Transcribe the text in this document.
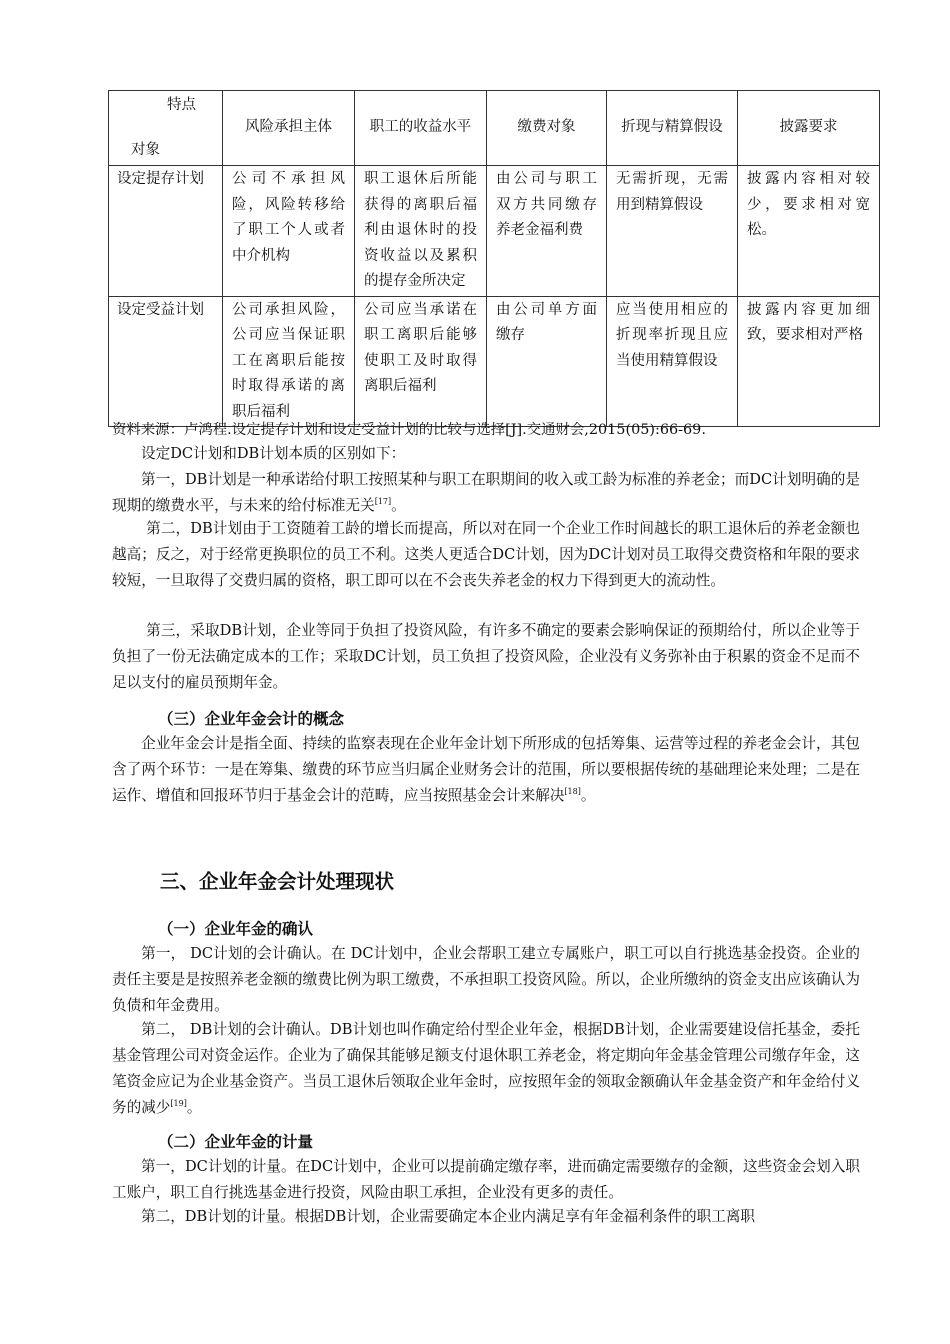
特点
对象	风险承担主体	职工的收益水平	缴费对象	折现与精算假设	披露要求
设定提存计划	公司不承担风险，风险转移给了职工个人或者中介机构	职工退休后所能获得的离职后福利由退休时的投资收益以及累积的提存金所决定	由公司与职工双方共同缴存养老金福利费	无需折现，无需用到精算假设	披露内容相对较少，要求相对宽松。
设定受益计划	公司承担风险，公司应当保证职工在离职后能按时取得承诺的离职后福利	公司应当承诺在职工离职后能够使职工及时取得离职后福利	由公司单方面缴存	应当使用相应的折现率折现且应当使用精算假设	披露内容更加细致，要求相对严格
资料来源：卢鸿程.设定提存计划和设定受益计划的比较与选择[J].交通财会,2015(05):66-69.

设定DC计划和DB计划本质的区别如下：

第一，DB计划是一种承诺给付职工按照某种与职工在职期间的收入或工龄为标准的养老金；而DC计划明确的是现期的缴费水平，与未来的给付标准无关[17]。

第二，DB计划由于工资随着工龄的增长而提高，所以对在同一个企业工作时间越长的职工退休后的养老金额也越高；反之，对于经常更换职位的员工不利。这类人更适合DC计划，因为DC计划对员工取得交费资格和年限的要求较短，一旦取得了交费归属的资格，职工即可以在不会丧失养老金的权力下得到更大的流动性。

第三，采取DB计划，企业等同于负担了投资风险，有许多不确定的要素会影响保证的预期给付，所以企业等于负担了一份无法确定成本的工作；采取DC计划，员工负担了投资风险，企业没有义务弥补由于积累的资金不足而不足以支付的雇员预期年金。

（三）企业年金会计的概念

企业年金会计是指全面、持续的监察表现在企业年金计划下所形成的包括筹集、运营等过程的养老金会计，其包含了两个环节：一是在筹集、缴费的环节应当归属企业财务会计的范围，所以要根据传统的基础理论来处理；二是在运作、增值和回报环节归于基金会计的范畴，应当按照基金会计来解决[18]。

三、企业年金会计处理现状
（一）企业年金的确认

第一， DC计划的会计确认。在 DC计划中，企业会帮职工建立专属账户，职工可以自行挑选基金投资。企业的责任主要是是按照养老金额的缴费比例为职工缴费，不承担职工投资风险。所以，企业所缴纳的资金支出应该确认为负债和年金费用。

第二， DB计划的会计确认。DB计划也叫作确定给付型企业年金，根据DB计划，企业需要建设信托基金，委托基金管理公司对资金运作。企业为了确保其能够足额支付退休职工养老金，将定期向年金基金管理公司缴存年金，这笔资金应记为企业基金资产。当员工退休后领取企业年金时，应按照年金的领取金额确认年金基金资产和年金给付义务的减少[19]。

（二）企业年金的计量

第一，DC计划的计量。在DC计划中，企业可以提前确定缴存率，进而确定需要缴存的金额，这些资金会划入职工账户，职工自行挑选基金进行投资，风险由职工承担，企业没有更多的责任。

第二，DB计划的计量。根据DB计划，企业需要确定本企业内满足享有年金福利条件的职工离职
